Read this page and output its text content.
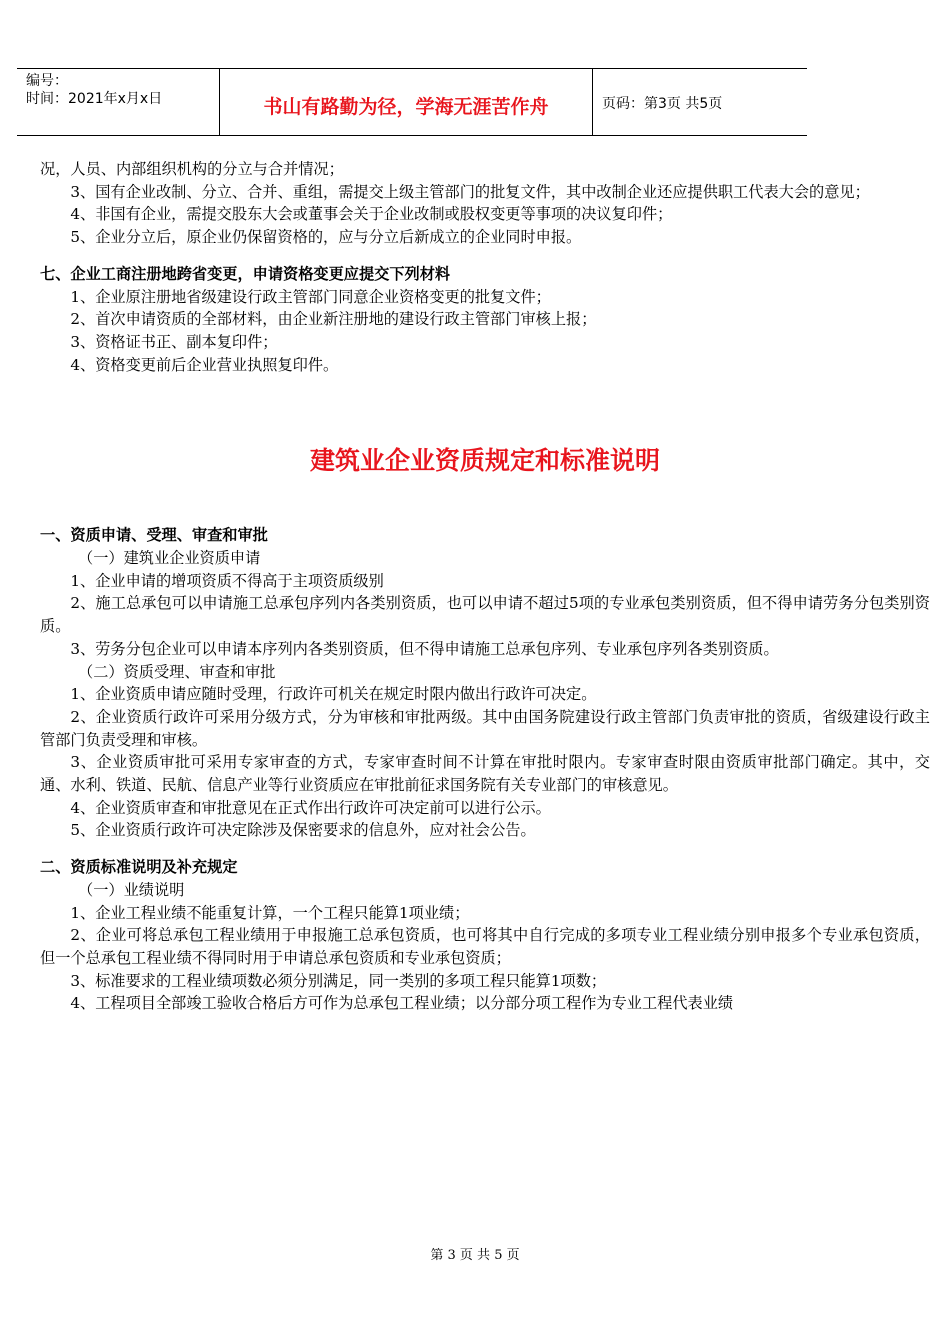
编号：
时间：2021年x月x日	书山有路勤为径，学海无涯苦作舟	页码：第3页 共5页

况，人员、内部组织机构的分立与合并情况；

3、国有企业改制、分立、合并、重组，需提交上级主管部门的批复文件，其中改制企业还应提供职工代表大会的意见；

4、非国有企业，需提交股东大会或董事会关于企业改制或股权变更等事项的决议复印件；

5、企业分立后，原企业仍保留资格的，应与分立后新成立的企业同时申报。

七、企业工商注册地跨省变更，申请资格变更应提交下列材料

1、企业原注册地省级建设行政主管部门同意企业资格变更的批复文件；

2、首次申请资质的全部材料，由企业新注册地的建设行政主管部门审核上报；

3、资格证书正、副本复印件；

4、资格变更前后企业营业执照复印件。

建筑业企业资质规定和标准说明

一、资质申请、受理、审查和审批

（一）建筑业企业资质申请

1、企业申请的增项资质不得高于主项资质级别

2、施工总承包可以申请施工总承包序列内各类别资质，也可以申请不超过5项的专业承包类别资质，但不得申请劳务分包类别资质。

3、劳务分包企业可以申请本序列内各类别资质，但不得申请施工总承包序列、专业承包序列各类别资质。

（二）资质受理、审查和审批

1、企业资质申请应随时受理，行政许可机关在规定时限内做出行政许可决定。

2、企业资质行政许可采用分级方式，分为审核和审批两级。其中由国务院建设行政主管部门负责审批的资质，省级建设行政主管部门负责受理和审核。

3、企业资质审批可采用专家审查的方式，专家审查时间不计算在审批时限内。专家审查时限由资质审批部门确定。其中，交通、水利、铁道、民航、信息产业等行业资质应在审批前征求国务院有关专业部门的审核意见。

4、企业资质审查和审批意见在正式作出行政许可决定前可以进行公示。

5、企业资质行政许可决定除涉及保密要求的信息外，应对社会公告。

二、资质标准说明及补充规定

（一）业绩说明

1、企业工程业绩不能重复计算，一个工程只能算1项业绩；

2、企业可将总承包工程业绩用于申报施工总承包资质，也可将其中自行完成的多项专业工程业绩分别申报多个专业承包资质，但一个总承包工程业绩不得同时用于申请总承包资质和专业承包资质；

3、标准要求的工程业绩项数必须分别满足，同一类别的多项工程只能算1项数；

4、工程项目全部竣工验收合格后方可作为总承包工程业绩；以分部分项工程作为专业工程代表业绩

第 3 页 共 5 页
